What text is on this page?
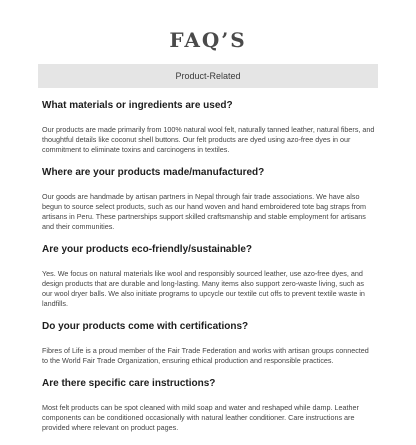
FAQ’S
Product-Related

What materials or ingredients are used?

Our products are made primarily from 100% natural wool felt, naturally tanned leather, natural fibers, and thoughtful details like coconut shell buttons. Our felt products are dyed using azo-free dyes in our commitment to eliminate toxins and carcinogens in textiles.

Where are your products made/manufactured?

Our goods are handmade by artisan partners in Nepal through fair trade associations. We have also begun to source select products, such as our hand woven and hand embroidered tote bag straps from artisans in Peru. These partnerships support skilled craftsmanship and stable employment for artisans and their communities.

Are your products eco-friendly/sustainable?

Yes. We focus on natural materials like wool and responsibly sourced leather, use azo-free dyes, and design products that are durable and long-lasting. Many items also support zero-waste living, such as our wool dryer balls. We also initiate programs to upcycle our textile cut offs to prevent textile waste in landfills.

Do your products come with certifications?

Fibres of Life is a proud member of the Fair Trade Federation and works with artisan groups connected to the World Fair Trade Organization, ensuring ethical production and responsible practices.

Are there specific care instructions?

Most felt products can be spot cleaned with mild soap and water and reshaped while damp. Leather components can be conditioned occasionally with natural leather conditioner. Care instructions are provided where relevant on product pages.
